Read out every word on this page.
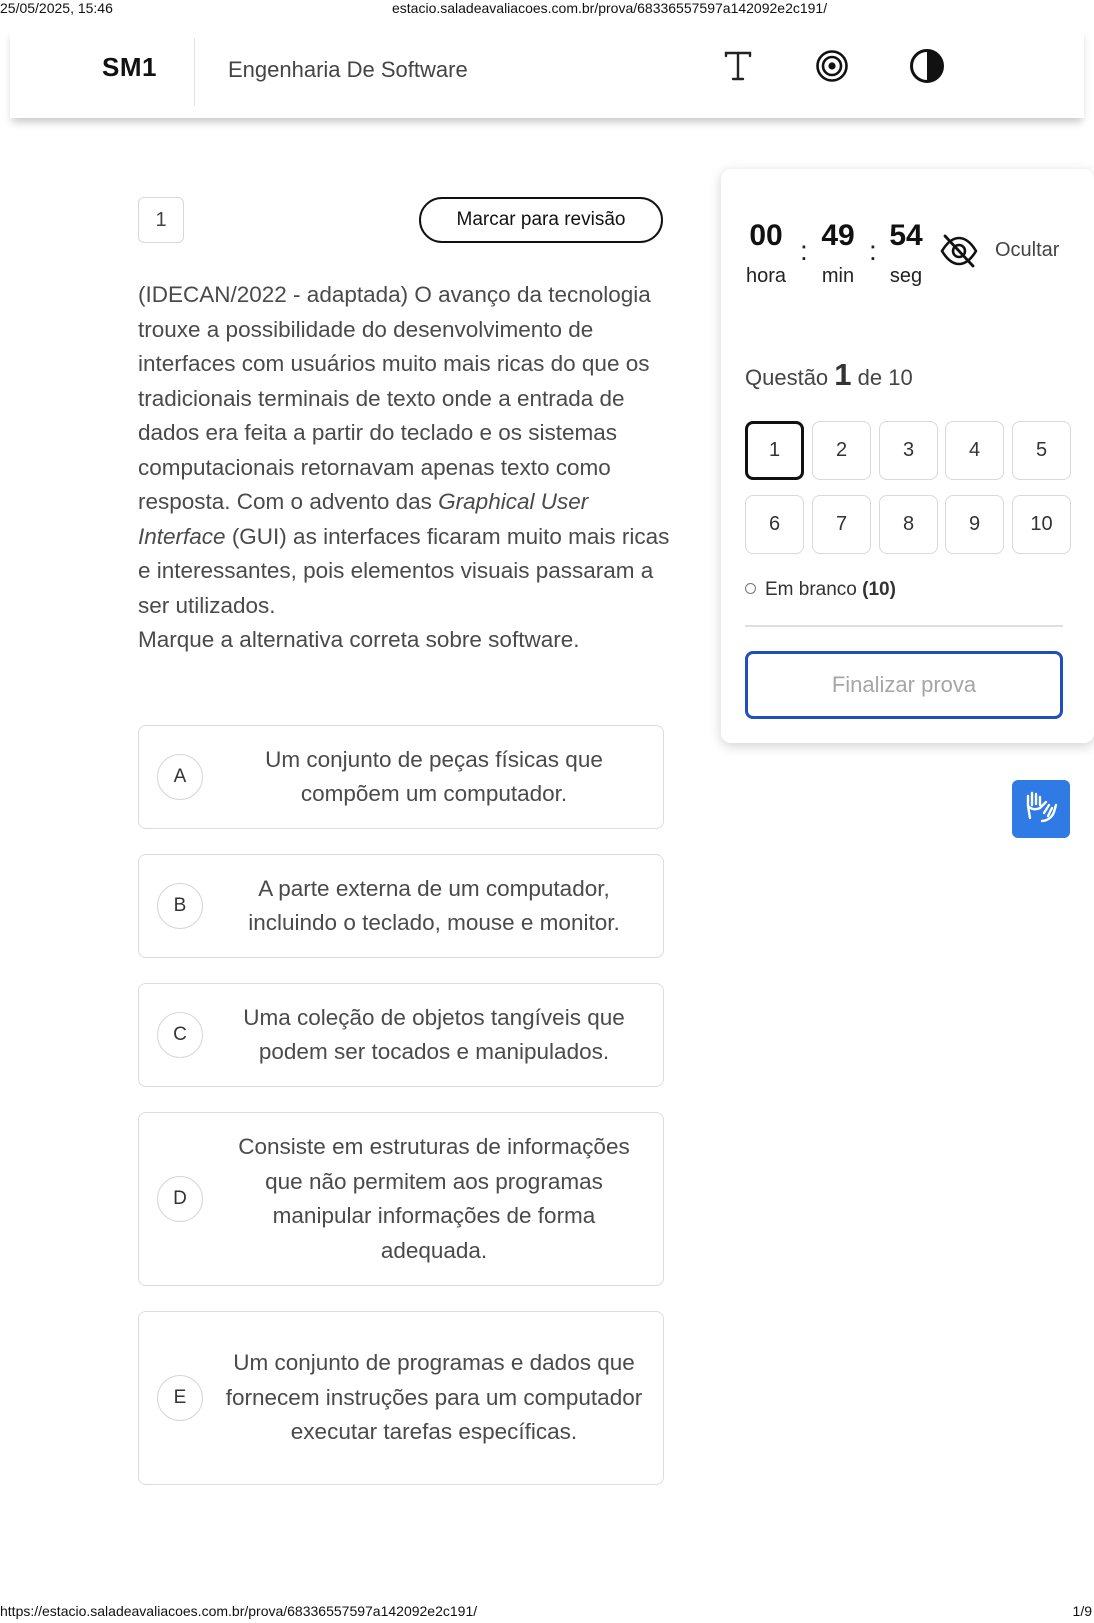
25/05/2025, 15:46	estacio.saladeavaliacoes.com.br/prova/68336557597a142092e2c191/
SM1	Engenharia De Software
1	Marcar para revisão
(IDECAN/2022 - adaptada) O avanço da tecnologia trouxe a possibilidade do desenvolvimento de interfaces com usuários muito mais ricas do que os tradicionais terminais de texto onde a entrada de dados era feita a partir do teclado e os sistemas computacionais retornavam apenas texto como resposta. Com o advento das Graphical User Interface (GUI) as interfaces ficaram muito mais ricas e interessantes, pois elementos visuais passaram a ser utilizados.
Marque a alternativa correta sobre software.
A
Um conjunto de peças físicas que compõem um computador.
B
A parte externa de um computador, incluindo o teclado, mouse e monitor.
C
Uma coleção de objetos tangíveis que podem ser tocados e manipulados.
D
Consiste em estruturas de informações que não permitem aos programas manipular informações de forma adequada.
E
Um conjunto de programas e dados que fornecem instruções para um computador executar tarefas específicas.
00 : 49 : 54
hora	min	seg
Ocultar
Questão 1 de 10
1	2	3	4	5
6	7	8	9	10
Em branco (10)
Finalizar prova
https://estacio.saladeavaliacoes.com.br/prova/68336557597a142092e2c191/	1/9
